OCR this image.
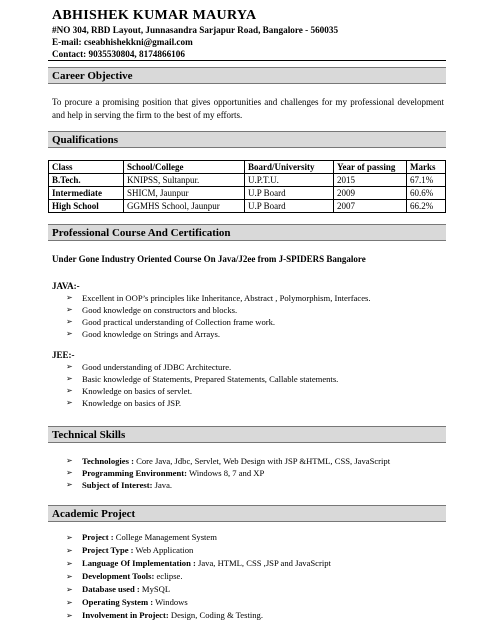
ABHISHEK KUMAR MAURYA
#NO 304, RBD Layout, Junnasandra Sarjapur Road, Bangalore - 560035
E-mail: cseabhishekkni@gmail.com
Contact: 9035530804, 8174866106
Career Objective
To procure a promising position that gives opportunities and challenges for my professional development and help in serving the firm to the best of my efforts.
Qualifications
Class	School/College	Board/University	Year of passing	Marks
B.Tech.	KNIPSS, Sultanpur.	U.P.T.U.	2015	67.1%
Intermediate	SHICM, Jaunpur	U.P Board	2009	60.6%
High School	GGMHS School, Jaunpur	U.P Board	2007	66.2%
Professional Course And Certification
Under Gone Industry Oriented Course On Java/J2ee from J-SPIDERS Bangalore
JAVA:-
➢ Excellent in OOP’s principles like Inheritance, Abstract , Polymorphism, Interfaces.
➢ Good knowledge on constructors and blocks.
➢ Good practical understanding of Collection frame work.
➢ Good knowledge on Strings and Arrays.
JEE:-
➢ Good understanding of JDBC Architecture.
➢ Basic knowledge of Statements, Prepared Statements, Callable statements.
➢ Knowledge on basics of servlet.
➢ Knowledge on basics of JSP.
Technical Skills
➢ Technologies : Core Java, Jdbc, Servlet, Web Design with JSP &HTML, CSS, JavaScript
➢ Programming Environment: Windows 8, 7 and XP
➢ Subject of Interest: Java.
Academic Project
➢ Project : College Management System
➢ Project Type : Web Application
➢ Language Of Implementation : Java, HTML, CSS ,JSP and JavaScript
➢ Development Tools: eclipse.
➢ Database used : MySQL
➢ Operating System : Windows
➢ Involvement in Project: Design, Coding & Testing.
